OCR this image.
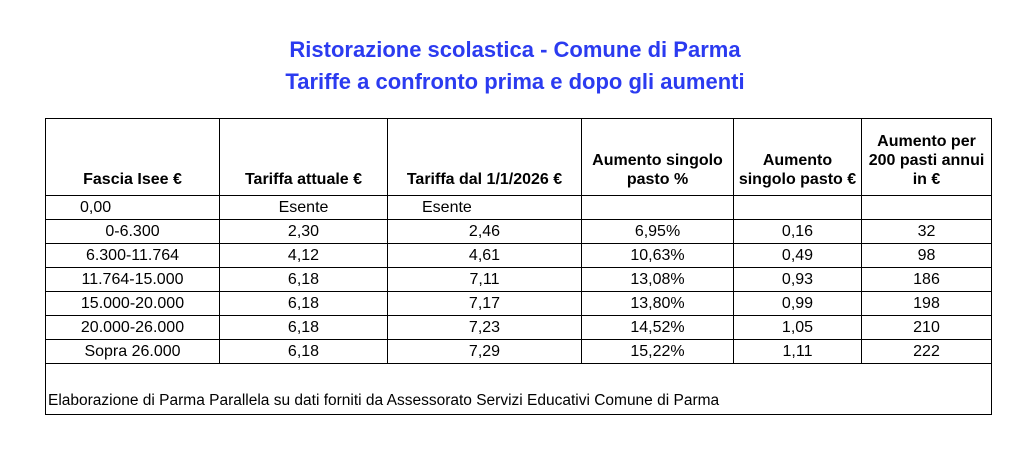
Ristorazione scolastica - Comune di Parma
Tariffe a confronto prima e dopo gli aumenti
Fascia Isee €	Tariffa attuale €	Tariffa dal 1/1/2026 €	Aumento singolo pasto %	Aumento singolo pasto €	Aumento per 200 pasti annui in €
0,00	Esente	Esente			
0-6.300	2,30	2,46	6,95%	0,16	32
6.300-11.764	4,12	4,61	10,63%	0,49	98
11.764-15.000	6,18	7,11	13,08%	0,93	186
15.000-20.000	6,18	7,17	13,80%	0,99	198
20.000-26.000	6,18	7,23	14,52%	1,05	210
Sopra 26.000	6,18	7,29	15,22%	1,11	222
Elaborazione di Parma Parallela su dati forniti da Assessorato Servizi Educativi Comune di Parma					
